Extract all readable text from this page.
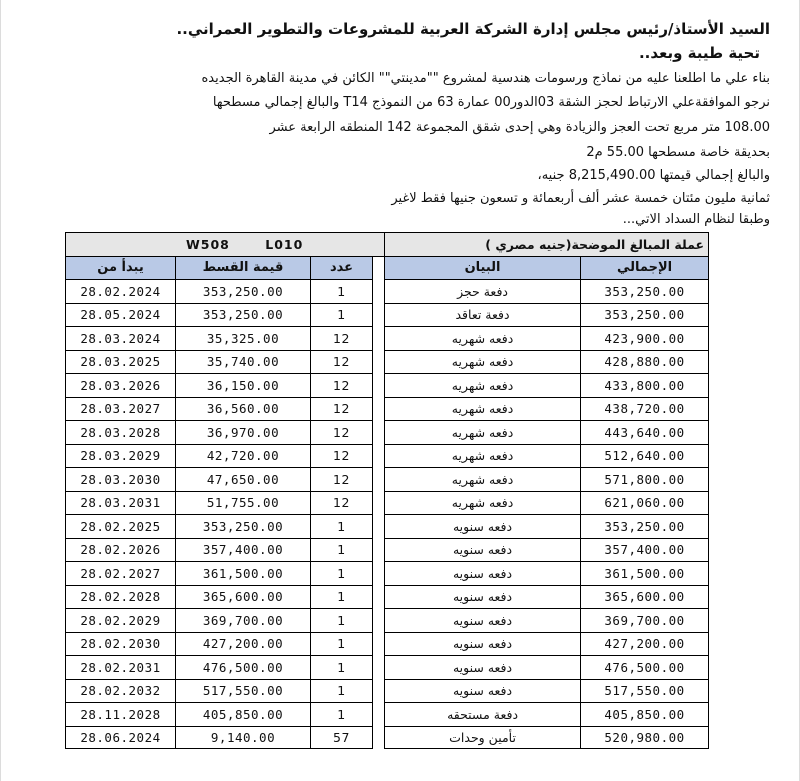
السيد الأستاذ/رئيس مجلس إدارة الشركة العربية للمشروعات والتطوير العمراني..
تحية طيبة وبعد..
بناء علي ما اطلعنا عليه من نماذج ورسومات هندسية لمشروع ""مدينتي"" الكائن في مدينة القاهرة الجديده
نرجو الموافقةعلي الارتباط لحجز الشقة 03الدور00 عمارة 63 من النموذج T14 والبالغ إجمالي مسطحها
108.00 متر مربع تحت العجز والزيادة وهي إحدى شقق المجموعة 142 المنطقه الرابعة عشر
بحديقة خاصة مسطحها 55.00 م2
والبالغ إجمالي قيمتها 8,215,490.00 جنيه،
ثمانية مليون مئتان خمسة عشر ألف أربعمائة و تسعون جنيها فقط لاغير
وطبقا لنظام السداد الاتي...
W508 L010				عملة المبالغ الموضحة(جنيه مصري )	
يبدأ من	قيمة القسط	عدد		البيان	الإجمالي
28.02.2024	353,250.00	1		دفعة حجز	353,250.00
28.05.2024	353,250.00	1		دفعة تعاقد	353,250.00
28.03.2024	35,325.00	12		دفعه شهريه	423,900.00
28.03.2025	35,740.00	12		دفعه شهريه	428,880.00
28.03.2026	36,150.00	12		دفعه شهريه	433,800.00
28.03.2027	36,560.00	12		دفعه شهريه	438,720.00
28.03.2028	36,970.00	12		دفعه شهريه	443,640.00
28.03.2029	42,720.00	12		دفعه شهريه	512,640.00
28.03.2030	47,650.00	12		دفعه شهريه	571,800.00
28.03.2031	51,755.00	12		دفعه شهريه	621,060.00
28.02.2025	353,250.00	1		دفعه سنويه	353,250.00
28.02.2026	357,400.00	1		دفعه سنويه	357,400.00
28.02.2027	361,500.00	1		دفعه سنويه	361,500.00
28.02.2028	365,600.00	1		دفعه سنويه	365,600.00
28.02.2029	369,700.00	1		دفعه سنويه	369,700.00
28.02.2030	427,200.00	1		دفعه سنويه	427,200.00
28.02.2031	476,500.00	1		دفعه سنويه	476,500.00
28.02.2032	517,550.00	1		دفعه سنويه	517,550.00
28.11.2028	405,850.00	1		دفعة مستحقه	405,850.00
28.06.2024	9,140.00	57		تأمين وحدات	520,980.00
